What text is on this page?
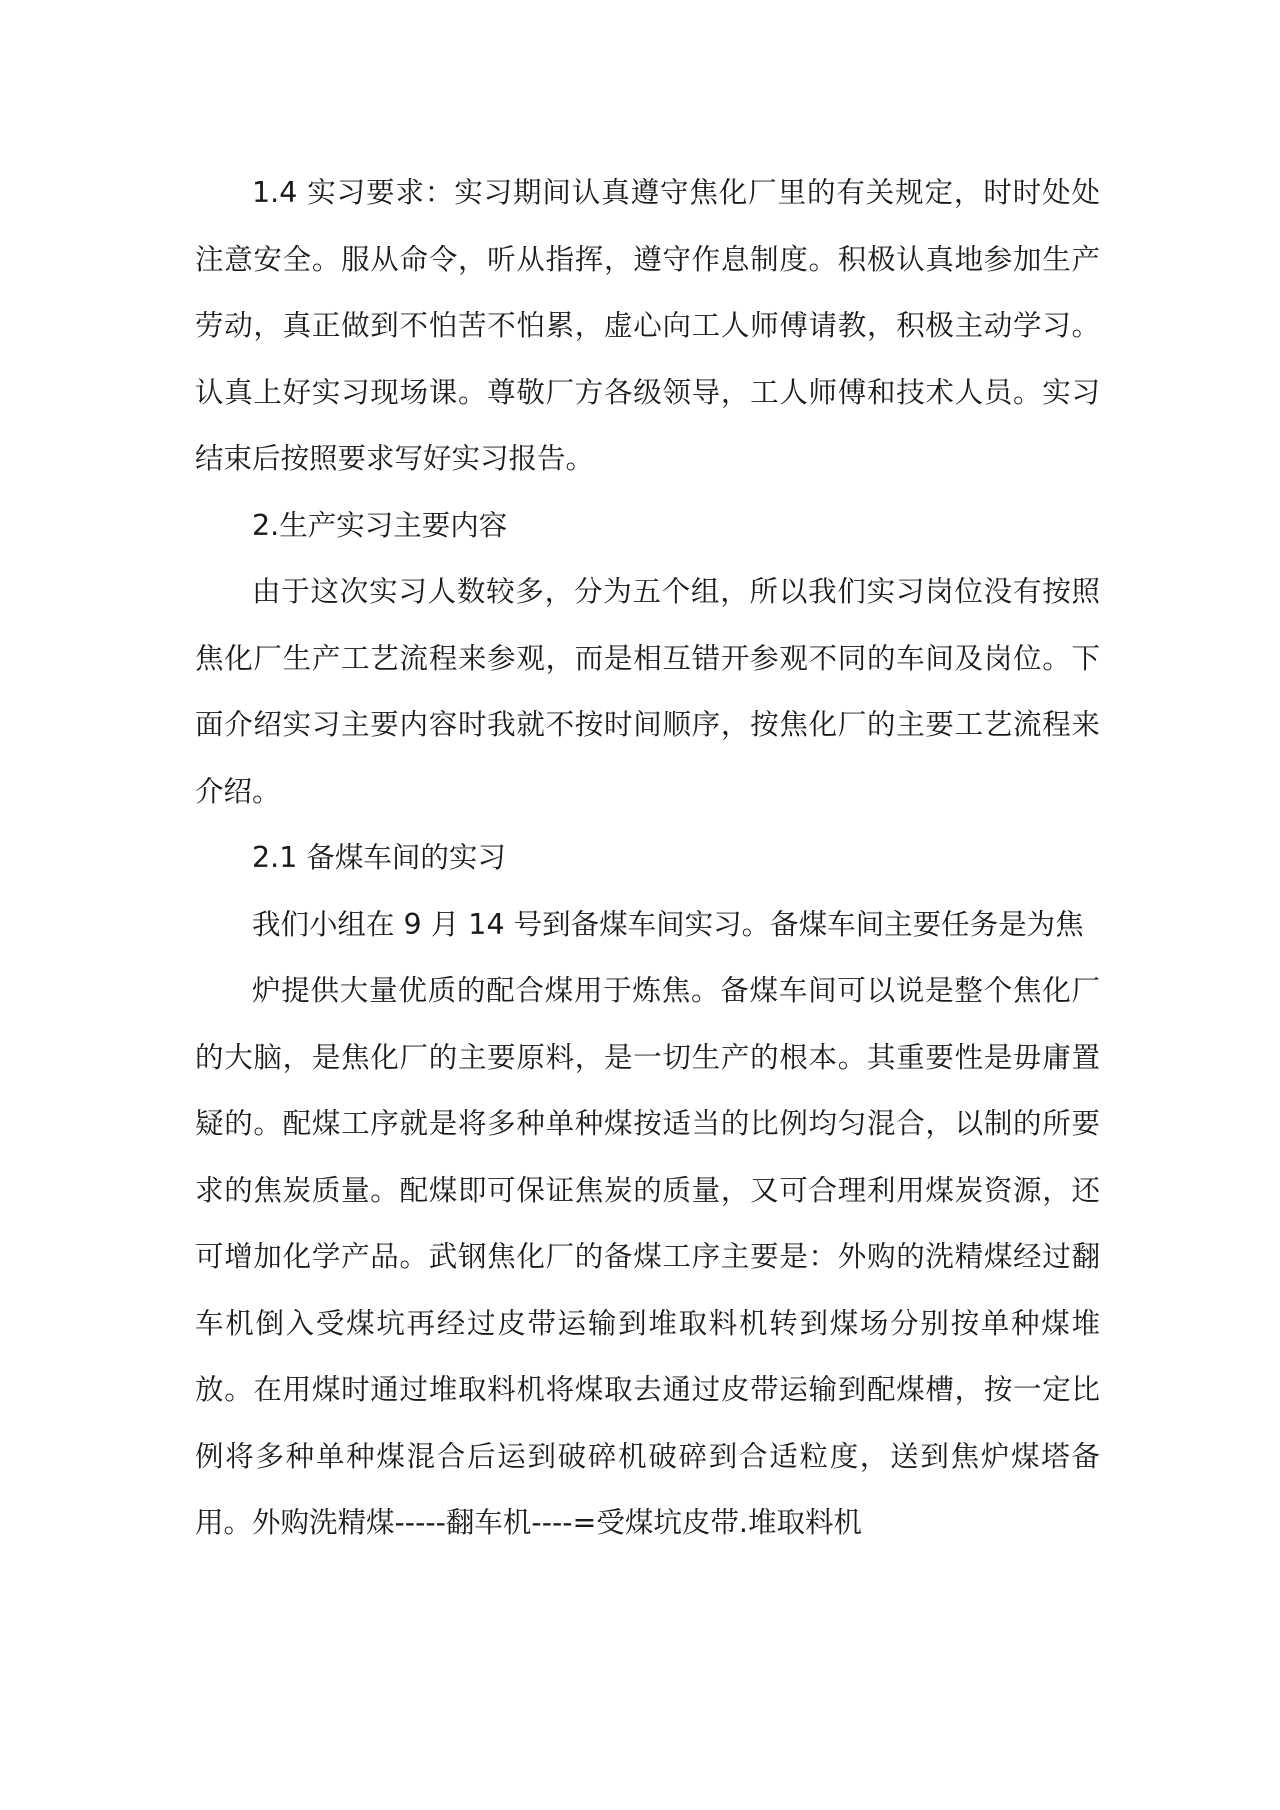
1.4 实习要求：实习期间认真遵守焦化厂里的有关规定，时时处处注意安全。服从命令，听从指挥，遵守作息制度。积极认真地参加生产劳动，真正做到不怕苦不怕累，虚心向工人师傅请教，积极主动学习。认真上好实习现场课。尊敬厂方各级领导，工人师傅和技术人员。实习结束后按照要求写好实习报告。

2.生产实习主要内容

由于这次实习人数较多，分为五个组，所以我们实习岗位没有按照焦化厂生产工艺流程来参观，而是相互错开参观不同的车间及岗位。下面介绍实习主要内容时我就不按时间顺序，按焦化厂的主要工艺流程来介绍。

2.1 备煤车间的实习

我们小组在 9 月 14 号到备煤车间实习。备煤车间主要任务是为焦

炉提供大量优质的配合煤用于炼焦。备煤车间可以说是整个焦化厂的大脑，是焦化厂的主要原料，是一切生产的根本。其重要性是毋庸置疑的。配煤工序就是将多种单种煤按适当的比例均匀混合，以制的所要求的焦炭质量。配煤即可保证焦炭的质量，又可合理利用煤炭资源，还可增加化学产品。武钢焦化厂的备煤工序主要是：外购的洗精煤经过翻车机倒入受煤坑再经过皮带运输到堆取料机转到煤场分别按单种煤堆放。在用煤时通过堆取料机将煤取去通过皮带运输到配煤槽，按一定比例将多种单种煤混合后运到破碎机破碎到合适粒度，送到焦炉煤塔备用。外购洗精煤-----翻车机----=受煤坑皮带.堆取料机
